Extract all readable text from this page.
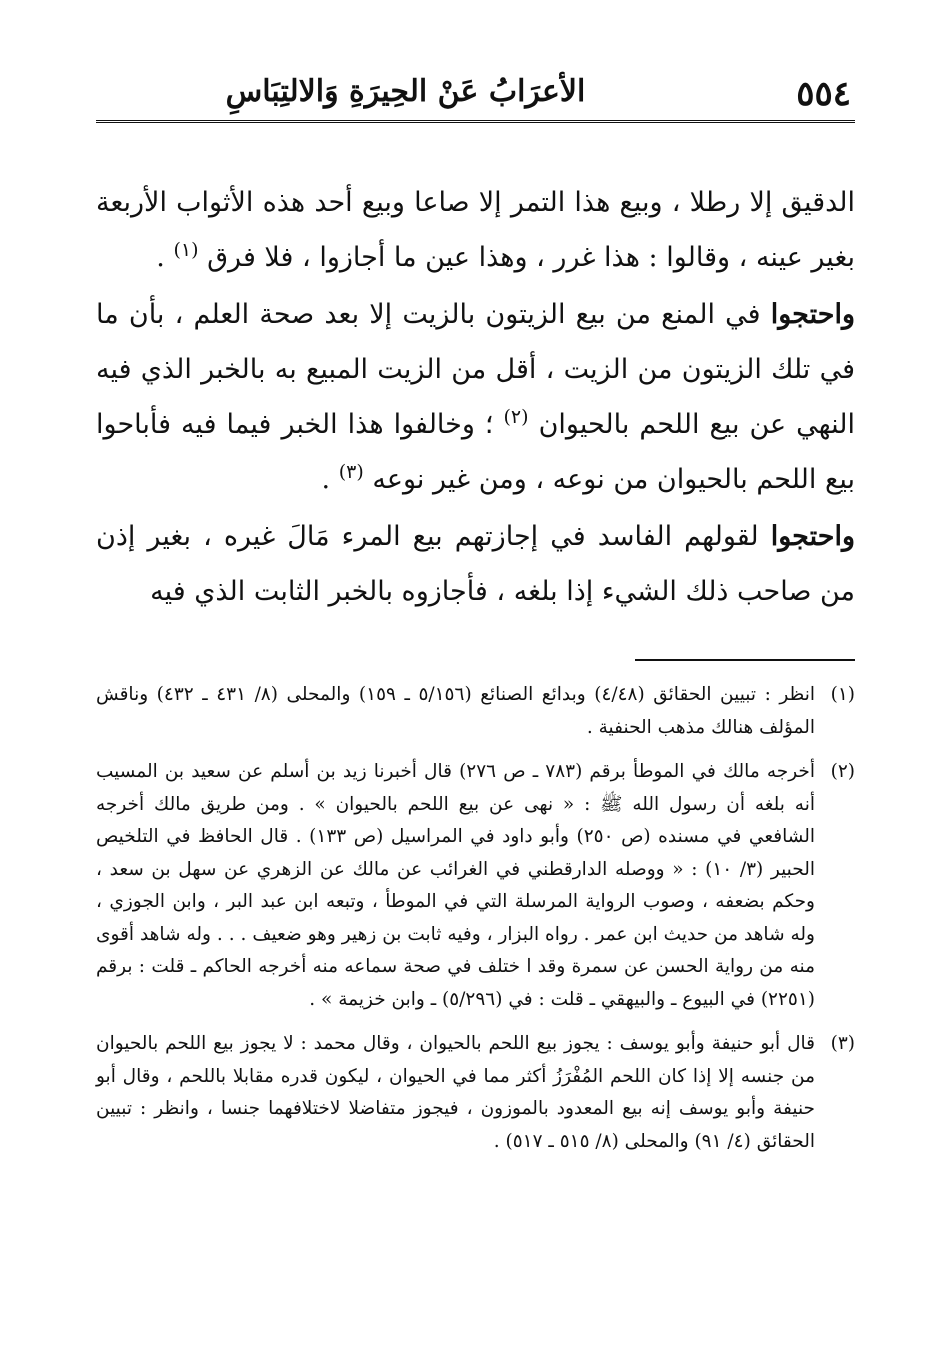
٥٥٤
الأعرَابُ عَنْ الحِيرَةِ وَالالتِبَاسِ

الدقيق إلا رطلا ، وبيع هذا التمر إلا صاعا وبيع أحد هذه الأثواب الأربعة بغير عينه ، وقالوا : هذا غرر ، وهذا عين ما أجازوا ، فلا فرق $^{(١)}$ .

واحتجوا في المنع من بيع الزيتون بالزيت إلا بعد صحة العلم ، بأن ما في تلك الزيتون من الزيت ، أقل من الزيت المبيع به بالخبر الذي فيه النهي عن بيع اللحم بالحيوان $^{(٢)}$ ؛ وخالفوا هذا الخبر فيما فيه فأباحوا بيع اللحم بالحيوان من نوعه ، ومن غير نوعه $^{(٣)}$ .

واحتجوا لقولهم الفاسد في إجازتهم بيع المرء مَالَ غيره ، بغير إذن من صاحب ذلك الشيء إذا بلغه ، فأجازوه بالخبر الثابت الذي فيه

(١)
انظر : تبيين الحقائق (٤/٤٨) وبدائع الصنائع (٥/١٥٦ ـ ١٥٩) والمحلى (٨/ ٤٣١ ـ ٤٣٢) وناقش المؤلف هنالك مذهب الحنفية .
(٢)
أخرجه مالك في الموطأ برقم (٧٨٣ ـ ص ٢٧٦) قال أخبرنا زيد بن أسلم عن سعيد بن المسيب أنه بلغه أن رسول الله ﷺ : « نهى عن بيع اللحم بالحيوان » . ومن طريق مالك أخرجه الشافعي في مسنده (ص ٢٥٠) وأبو داود في المراسيل (ص ١٣٣) . قال الحافظ في التلخيص الحبير (٣/ ١٠) : « ووصله الدارقطني في الغرائب عن مالك عن الزهري عن سهل بن سعد ، وحكم بضعفه ، وصوب الرواية المرسلة التي في الموطأ ، وتبعه ابن عبد البر ، وابن الجوزي ، وله شاهد من حديث ابن عمر . رواه البزار ، وفيه ثابت بن زهير وهو ضعيف . . . وله شاهد أقوى منه من رواية الحسن عن سمرة وقد ا ختلف في صحة سماعه منه أخرجه الحاكم ـ قلت : برقم (٢٢٥١) في البيوع ـ والبيهقي ـ قلت : في (٥/٢٩٦) ـ وابن خزيمة » .
(٣)
قال أبو حنيفة وأبو يوسف : يجوز بيع اللحم بالحيوان ، وقال محمد : لا يجوز بيع اللحم بالحيوان من جنسه إلا إذا كان اللحم المُفْرَزُ أكثر مما في الحيوان ، ليكون قدره مقابلا باللحم ، وقال أبو حنيفة وأبو يوسف إنه بيع المعدود بالموزون ، فيجوز متفاضلا لاختلافهما جنسا ، وانظر : تبيين الحقائق (٤/ ٩١) والمحلى (٨/ ٥١٥ ـ ٥١٧) .
